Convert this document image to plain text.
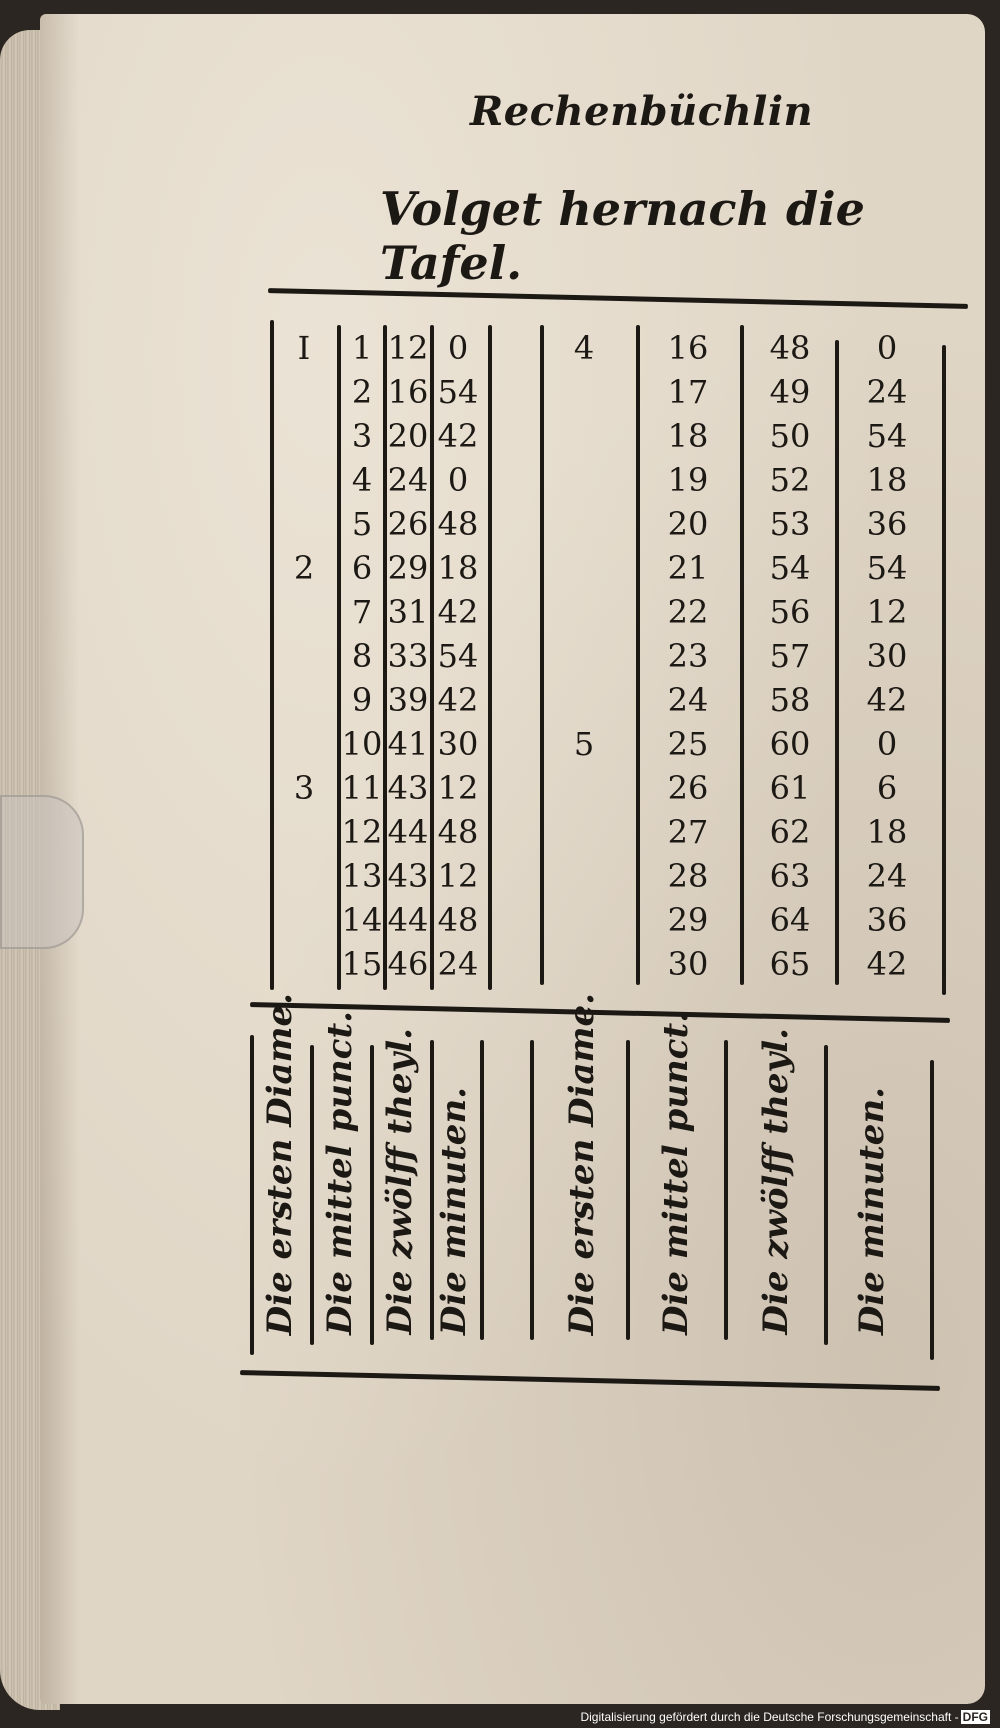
Rechenbüchlin
Volget hernach die Tafel.
I

2

3

1
2
3
4
5
6
7
8
9
10
11
12
13
14
15
12
16
20
24
26
29
31
33
39
41
43
44
43
44
46
0
54
42
0
48
18
42
54
42
30
12
48
12
48
24
4

5

16
17
18
19
20
21
22
23
24
25
26
27
28
29
30
48
49
50
52
53
54
56
57
58
60
61
62
63
64
65
0
24
54
18
36
54
12
30
42
0
6
18
24
36
42
Die ersten Diame. Die mittel punct. Die zwölff theyl. Die minuten.	Die ersten Diame. Die mittel punct. Die zwölff theyl. Die minuten.
Digitalisierung gefördert durch die Deutsche Forschungsgemeinschaft - DFG
